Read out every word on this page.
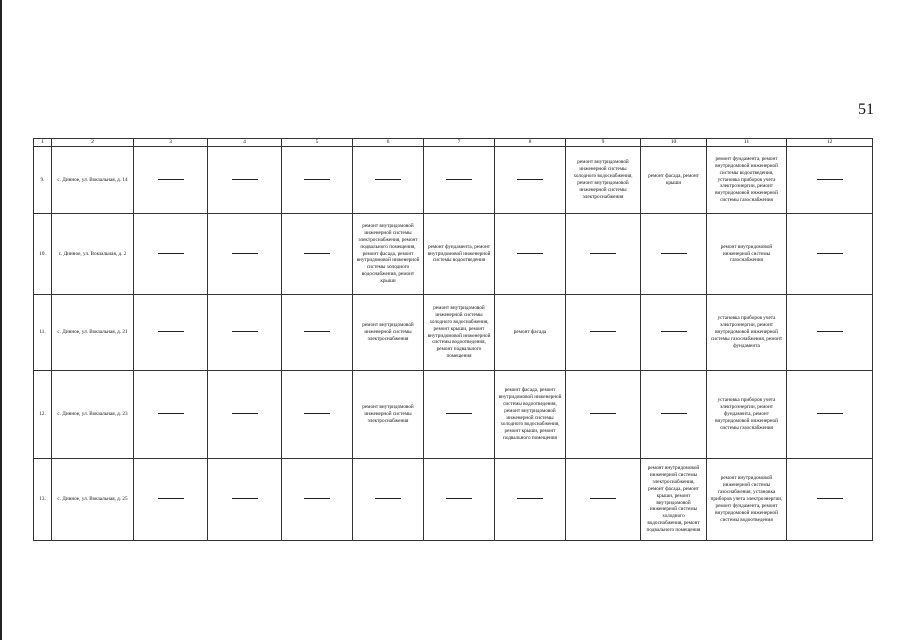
51
1	2	3	4	5	6	7	8	9	10	11	12
9.	с. Динное, ул. Вокзальная, д. 14							ремонт внутридомовой инженерной системы холодного водоснабжения, ремонт внутридомовой инженерной системы электроснабжения	ремонт фасада, ремонт крыши	ремонт фундамента, ремонт внутридомовой инженерной системы водоотведения, установка приборов учета электроэнергии, ремонт внутридомовой инженерной системы газоснабжения	
10.	с. Динное, ул. Вокзальная, д. 2				ремонт внутридомовой инженерной системы электроснабжения, ремонт подвального помещения, ремонт фасада, ремонт внутридомовой инженерной системы холодного водоснабжения, ремонт крыши	ремонт фундамента, ремонт внутридомовой инженерной системы водоотведения				ремонт внутридомовой инженерной системы газоснабжения	
11.	с. Динное, ул. Вокзальная, д. 21				ремонт внутридомовой инженерной системы электроснабжения	ремонт внутридомовой инженерной системы холодного водоснабжения, ремонт крыши, ремонт внутридомовой инженерной системы водоотведения, ремонт подвального помещения	ремонт фасада			установка приборов учета электроэнергии, ремонт внутридомовой инженерной системы газоснабжения, ремонт фундамента	
12.	с. Динное, ул. Вокзальная, д. 23				ремонт внутридомовой инженерной системы электроснабжения		ремонт фасада, ремонт внутридомовой инженерной системы водоотведения, ремонт внутридомовой инженерной системы холодного водоснабжения, ремонт крыши, ремонт подвального помещения			установка приборов учета электроэнергии, ремонт фундамента, ремонт внутридомовой инженерной системы газоснабжения	
13.	с. Динное, ул. Вокзальная, д. 25								ремонт внутридомовой инженерной системы электроснабжения, ремонт фасада, ремонт крыши, ремонт внутридомовой инженерной системы холодного водоснабжения, ремонт подвального помещения	ремонт внутридомовой инженерной системы газоснабжения, установка приборов учета электроэнергии, ремонт фундамента, ремонт внутридомовой инженерной системы водоотведения	
